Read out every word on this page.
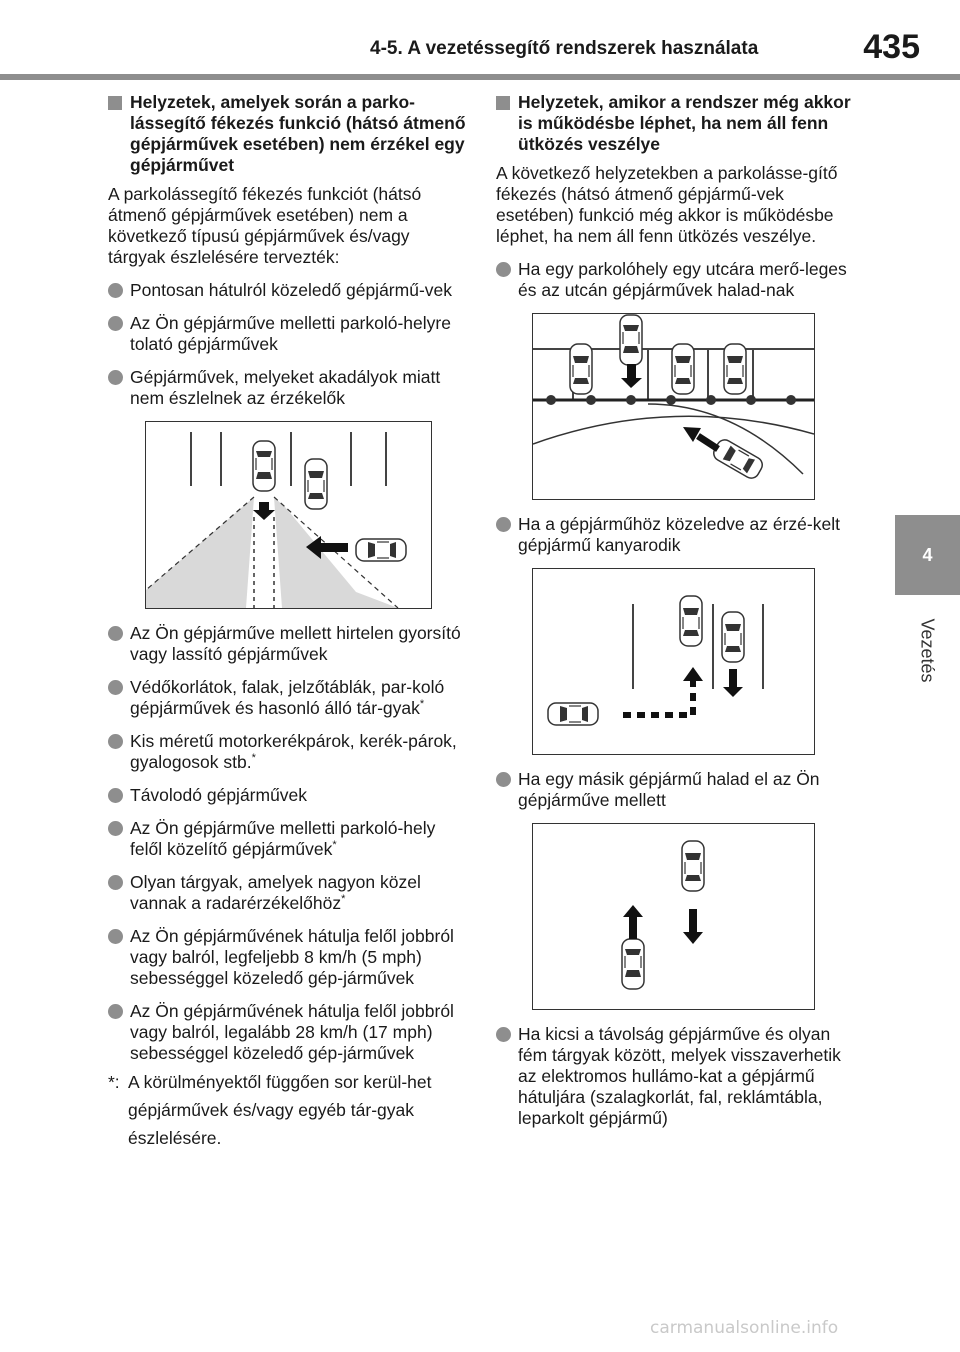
4-5. A vezetéssegítő rendszerek használata	435
4
Vezetés
Helyzetek, amelyek során a parko-lássegítő fékezés funkció (hátsó átmenő gépjárművek esetében) nem érzékel egy gépjárművet
A parkolássegítő fékezés funkciót (hátsó átmenő gépjárművek esetében) nem a következő típusú gépjárművek és/vagy tárgyak észlelésére tervezték:
Pontosan hátulról közeledő gépjármű-vek
Az Ön gépjárműve melletti parkoló-helyre tolató gépjárművek
Gépjárművek, melyeket akadályok miatt nem észlelnek az érzékelők
Az Ön gépjárműve mellett hirtelen gyorsító vagy lassító gépjárművek
Védőkorlátok, falak, jelzőtáblák, par-koló gépjárművek és hasonló álló tár-gyak*
Kis méretű motorkerékpárok, kerék-párok, gyalogosok stb.*
Távolodó gépjárművek
Az Ön gépjárműve melletti parkoló-hely felől közelítő gépjárművek*
Olyan tárgyak, amelyek nagyon közel vannak a radarérzékelőhöz*
Az Ön gépjárművének hátulja felől jobbról vagy balról, legfeljebb 8 km/h (5 mph) sebességgel közeledő gép-járművek
Az Ön gépjárművének hátulja felől jobbról vagy balról, legalább 28 km/h (17 mph) sebességgel közeledő gép-járművek
*: A körülményektől függően sor kerül-het gépjárművek és/vagy egyéb tár-gyak észlelésére.
Helyzetek, amikor a rendszer még akkor is működésbe léphet, ha nem áll fenn ütközés veszélye
A következő helyzetekben a parkolásse-gítő fékezés (hátsó átmenő gépjármű-vek esetében) funkció még akkor is működésbe léphet, ha nem áll fenn ütközés veszélye.
Ha egy parkolóhely egy utcára merő-leges és az utcán gépjárművek halad-nak
Ha a gépjárműhöz közeledve az érzé-kelt gépjármű kanyarodik
Ha egy másik gépjármű halad el az Ön gépjárműve mellett
Ha kicsi a távolság gépjárműve és olyan fém tárgyak között, melyek visszaverhetik az elektromos hullámo-kat a gépjármű hátuljára (szalagkorlát, fal, reklámtábla, leparkolt gépjármű)
carmanualsonline.info
